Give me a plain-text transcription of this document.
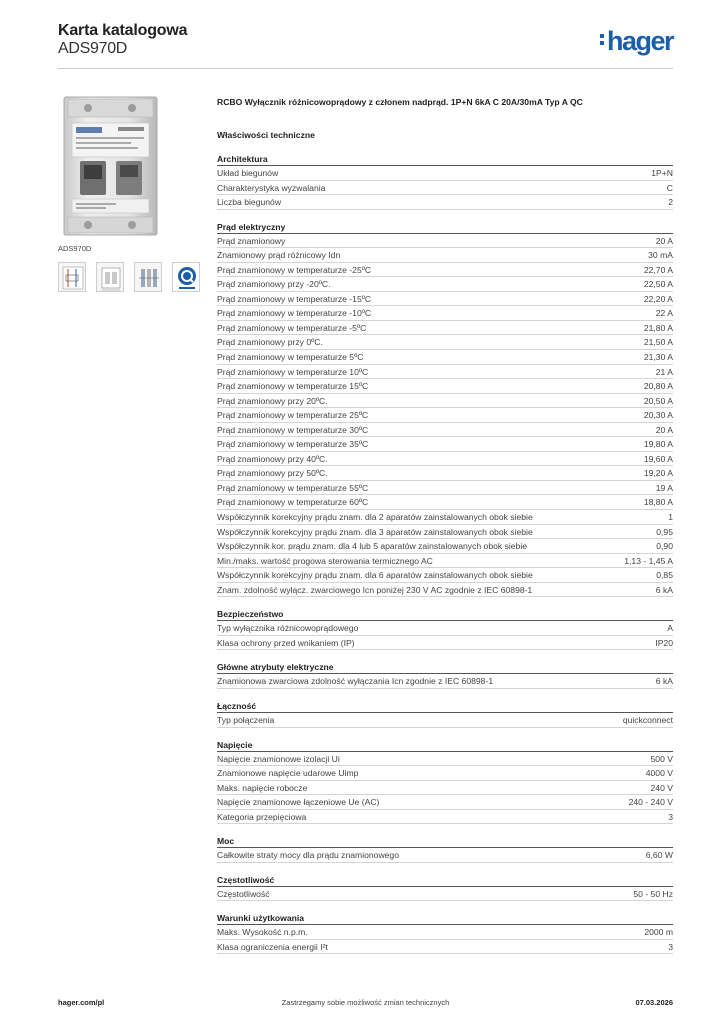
Karta katalogowa
ADS970D	hager
ADS970D
RCBO Wyłącznik różnicowoprądowy z członem nadprąd. 1P+N 6kA C 20A/30mA Typ A QC
Właściwości techniczne
Architektura
Układ biegunów	1P+N
Charakterystyka wyzwalania	C
Liczba biegunów	2
Prąd elektryczny
Prąd znamionowy	20 A
Znamionowy prąd różnicowy Idn	30 mA
Prąd znamionowy w temperaturze -25ºC	22,70 A
Prąd znamionowy przy -20ºC.	22,50 A
Prąd znamionowy w temperaturze -15ºC	22,20 A
Prąd znamionowy w temperaturze -10ºC	22 A
Prąd znamionowy w temperaturze -5ºC	21,80 A
Prąd znamionowy przy 0ºC.	21,50 A
Prąd znamionowy w temperaturze 5ºC	21,30 A
Prąd znamionowy w temperaturze 10ºC	21 A
Prąd znamionowy w temperaturze 15ºC	20,80 A
Prąd znamionowy przy 20ºC.	20,50 A
Prąd znamionowy w temperaturze 25ºC	20,30 A
Prąd znamionowy w temperaturze 30ºC	20 A
Prąd znamionowy w temperaturze 35ºC	19,80 A
Prąd znamionowy przy 40ºC.	19,60 A
Prąd znamionowy przy 50ºC.	19,20 A
Prąd znamionowy w temperaturze 55ºC	19 A
Prąd znamionowy w temperaturze 60ºC	18,80 A
Współczynnik korekcyjny prądu znam. dla 2 aparatów zainstalowanych obok siebie	1
Współczynnik korekcyjny prądu znam. dla 3 aparatów zainstalowanych obok siebie	0,95
Współczynnik kor. prądu znam. dla 4 lub 5 aparatów zainstalowanych obok siebie	0,90
Min./maks. wartość progowa sterowania termicznego AC	1,13 - 1,45 A
Współczynnik korekcyjny prądu znam. dla 6 aparatów zainstalowanych obok siebie	0,85
Znam. zdolność wyłącz. zwarciowego Icn poniżej 230 V AC zgodnie z IEC 60898-1	6 kA
Bezpieczeństwo
Typ wyłącznika różnicowoprądowego	A
Klasa ochrony przed wnikaniem (IP)	IP20
Główne atrybuty elektryczne
Znamionowa zwarciowa zdolność wyłączania Icn zgodnie z IEC 60898-1	6 kA
Łączność
Typ połączenia	quickconnect
Napięcie
Napięcie znamionowe izolacji Ui	500 V
Znamionowe napięcie udarowe Uimp	4000 V
Maks. napięcie robocze	240 V
Napięcie znamionowe łączeniowe Ue (AC)	240 - 240 V
Kategoria przepięciowa	3
Moc
Całkowite straty mocy dla prądu znamionowego	6,60 W
Częstotliwość
Częstotliwość	50 - 50 Hz
Warunki użytkowania
Maks. Wysokość n.p.m.	2000 m
Klasa ograniczenia energii I²t	3
hager.com/pl	Zastrzegamy sobie możliwość zmian technicznych	07.03.2026
